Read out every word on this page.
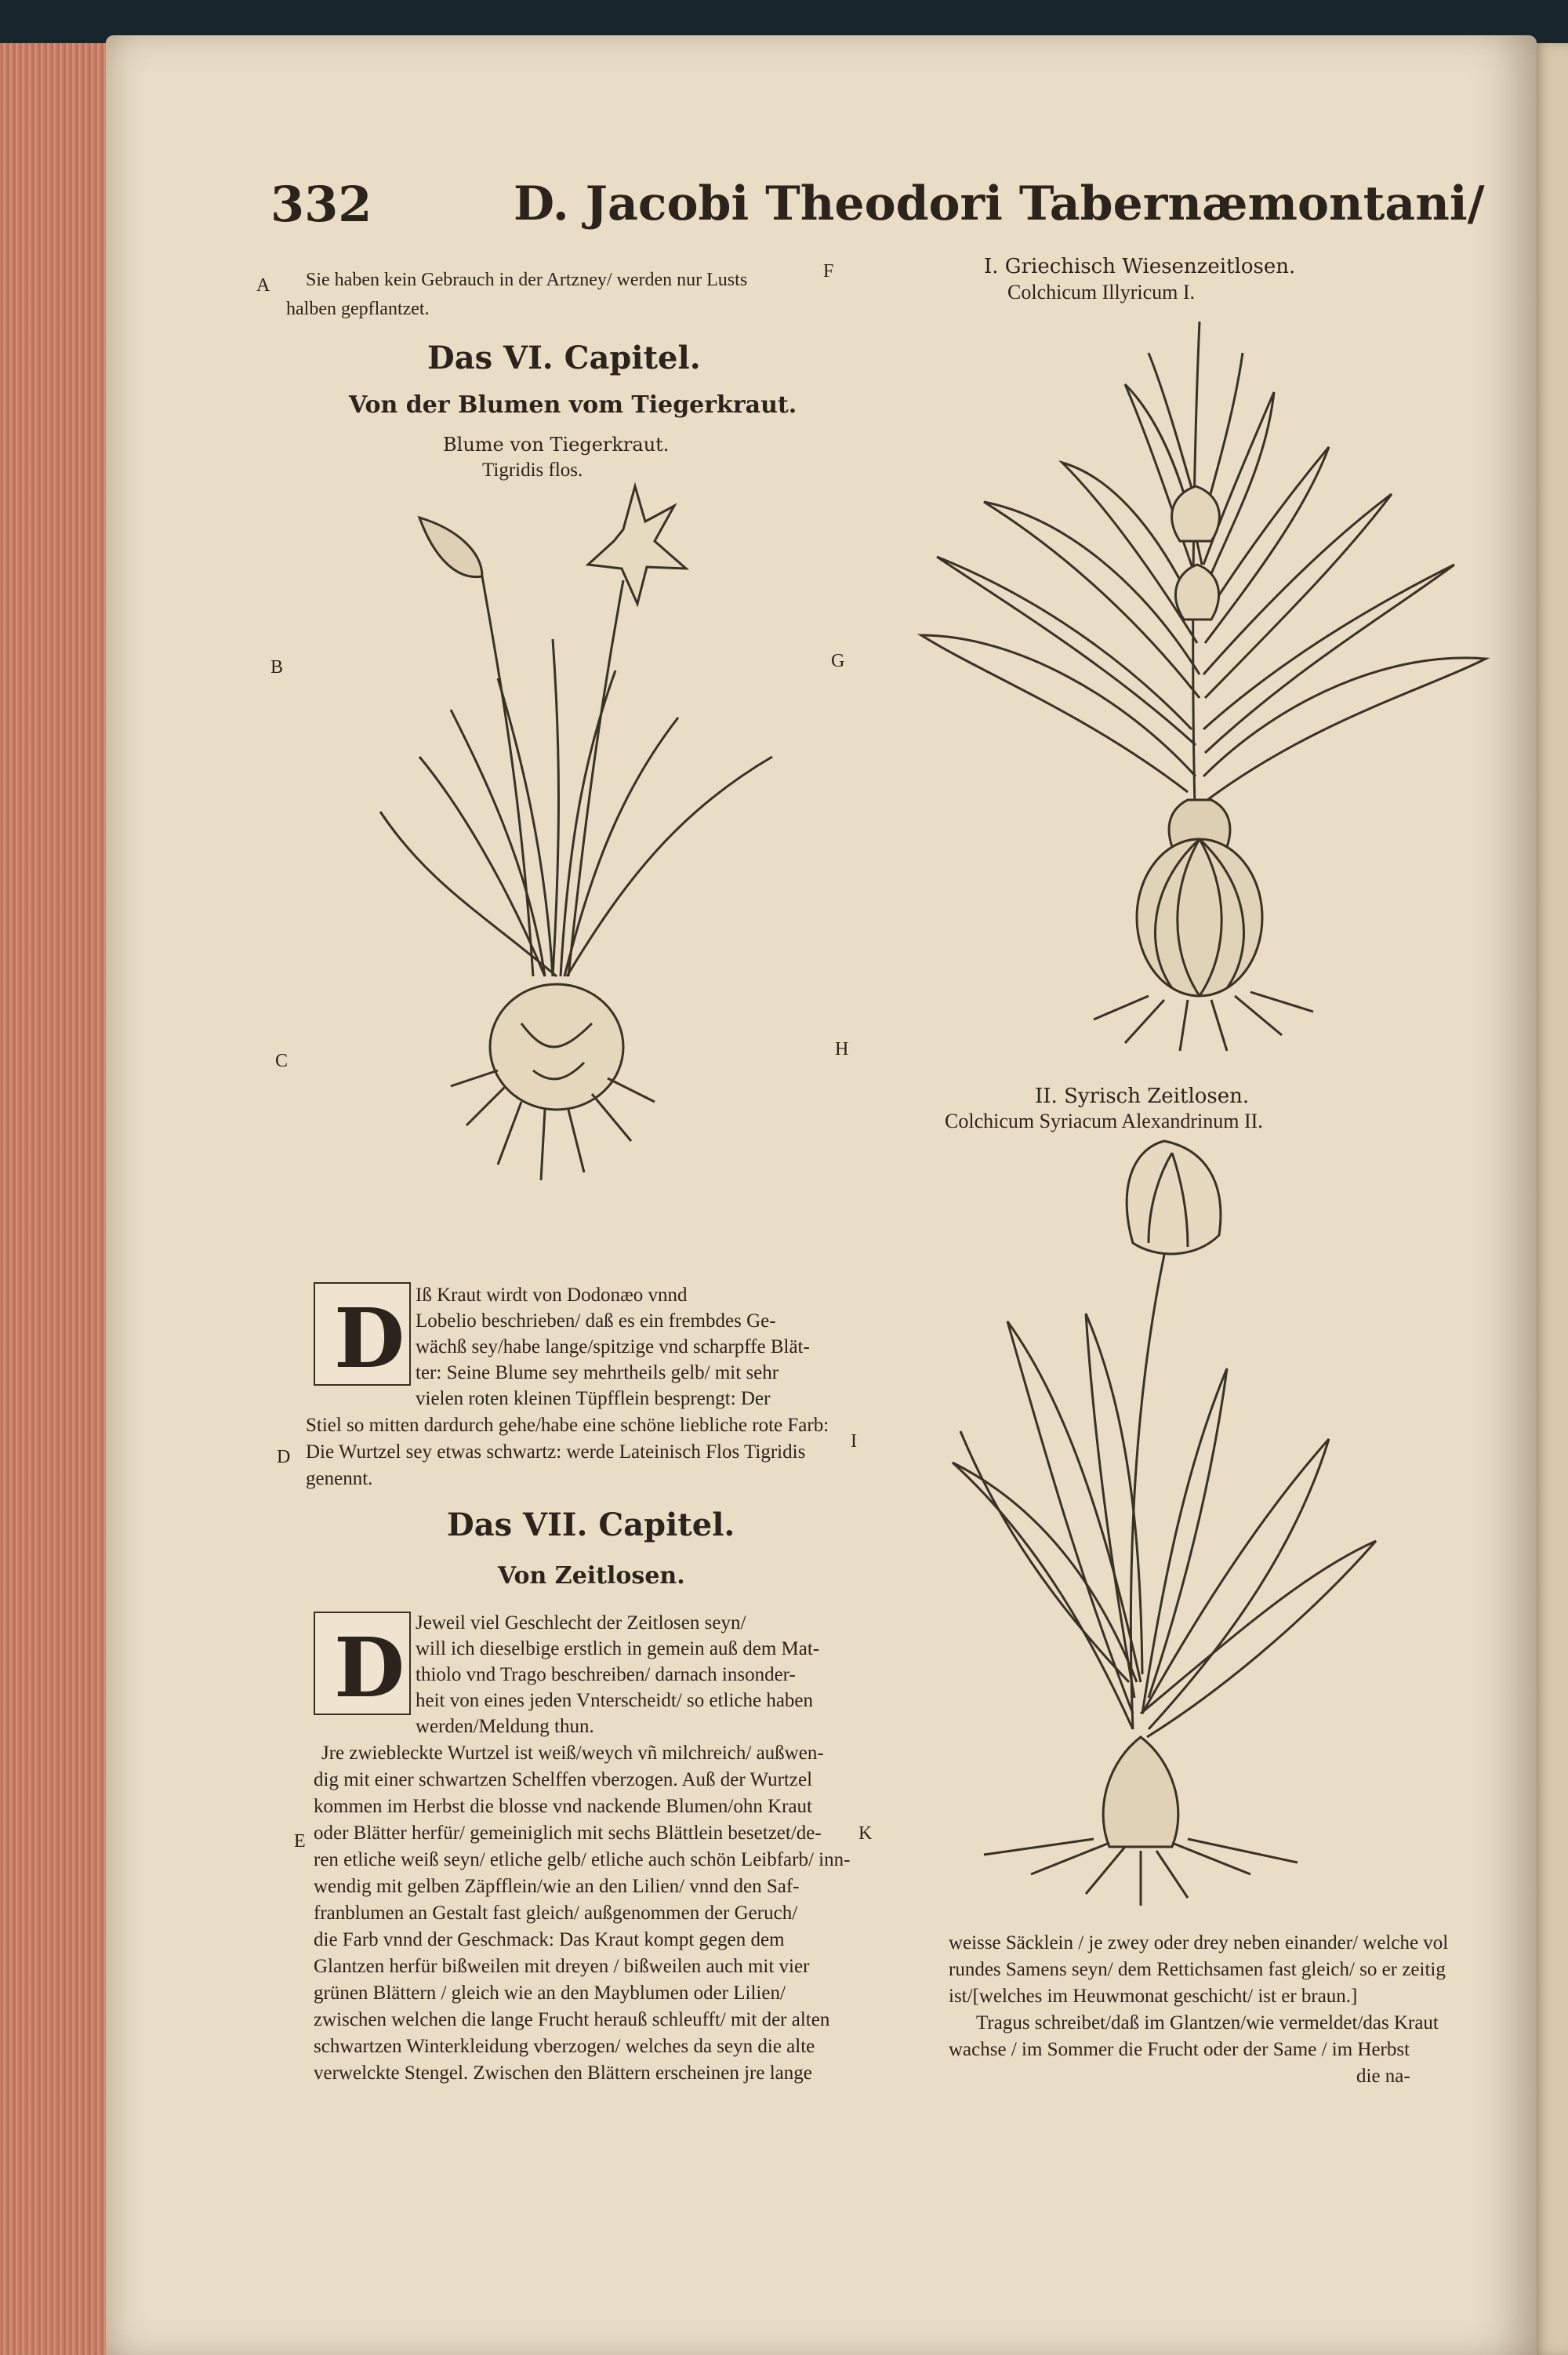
332	D. Jacobi Theodori Tabernæmontani/
A
B
C
D
E
F
G
H
I
K
Sie haben kein Gebrauch in der Artzney/ werden nur Lusts
halben gepflantzet.
Das VI. Capitel.
Von der Blumen vom Tiegerkraut.
Blume von Tiegerkraut.
Tigridis flos.
D Iß Kraut wirdt von Dodonæo vnnd
Lobelio beschrieben/ daß es ein frembdes Ge-
wächß sey/habe lange/spitzige vnd scharpffe Blät-
ter: Seine Blume sey mehrtheils gelb/ mit sehr
vielen roten kleinen Tüpfflein besprengt: Der
Stiel so mitten dardurch gehe/habe eine schöne liebliche rote Farb:
Die Wurtzel sey etwas schwartz: werde Lateinisch Flos Tigridis
genennt.
Das VII. Capitel.
Von Zeitlosen.
D Jeweil viel Geschlecht der Zeitlosen seyn/
will ich dieselbige erstlich in gemein auß dem Mat-
thiolo vnd Trago beschreiben/ darnach insonder-
heit von eines jeden Vnterscheidt/ so etliche haben
werden/Meldung thun.
Jre zwiebleckte Wurtzel ist weiß/weych vñ milchreich/ außwen-
dig mit einer schwartzen Schelffen vberzogen. Auß der Wurtzel
kommen im Herbst die blosse vnd nackende Blumen/ohn Kraut
oder Blätter herfür/ gemeiniglich mit sechs Blättlein besetzet/de-
ren etliche weiß seyn/ etliche gelb/ etliche auch schön Leibfarb/ inn-
wendig mit gelben Zäpfflein/wie an den Lilien/ vnnd den Saf-
franblumen an Gestalt fast gleich/ außgenommen der Geruch/
die Farb vnnd der Geschmack: Das Kraut kompt gegen dem
Glantzen herfür bißweilen mit dreyen / bißweilen auch mit vier
grünen Blättern / gleich wie an den Mayblumen oder Lilien/
zwischen welchen die lange Frucht herauß schleufft/ mit der alten
schwartzen Winterkleidung vberzogen/ welches da seyn die alte
verwelckte Stengel. Zwischen den Blättern erscheinen jre lange
I. Griechisch Wiesenzeitlosen.
Colchicum Illyricum I.
II. Syrisch Zeitlosen.
Colchicum Syriacum Alexandrinum II.
weisse Säcklein / je zwey oder drey neben einander/ welche vol
rundes Samens seyn/ dem Rettichsamen fast gleich/ so er zeitig
ist/[welches im Heuwmonat geschicht/ ist er braun.]
Tragus schreibet/daß im Glantzen/wie vermeldet/das Kraut
wachse / im Sommer die Frucht oder der Same / im Herbst
die na-
